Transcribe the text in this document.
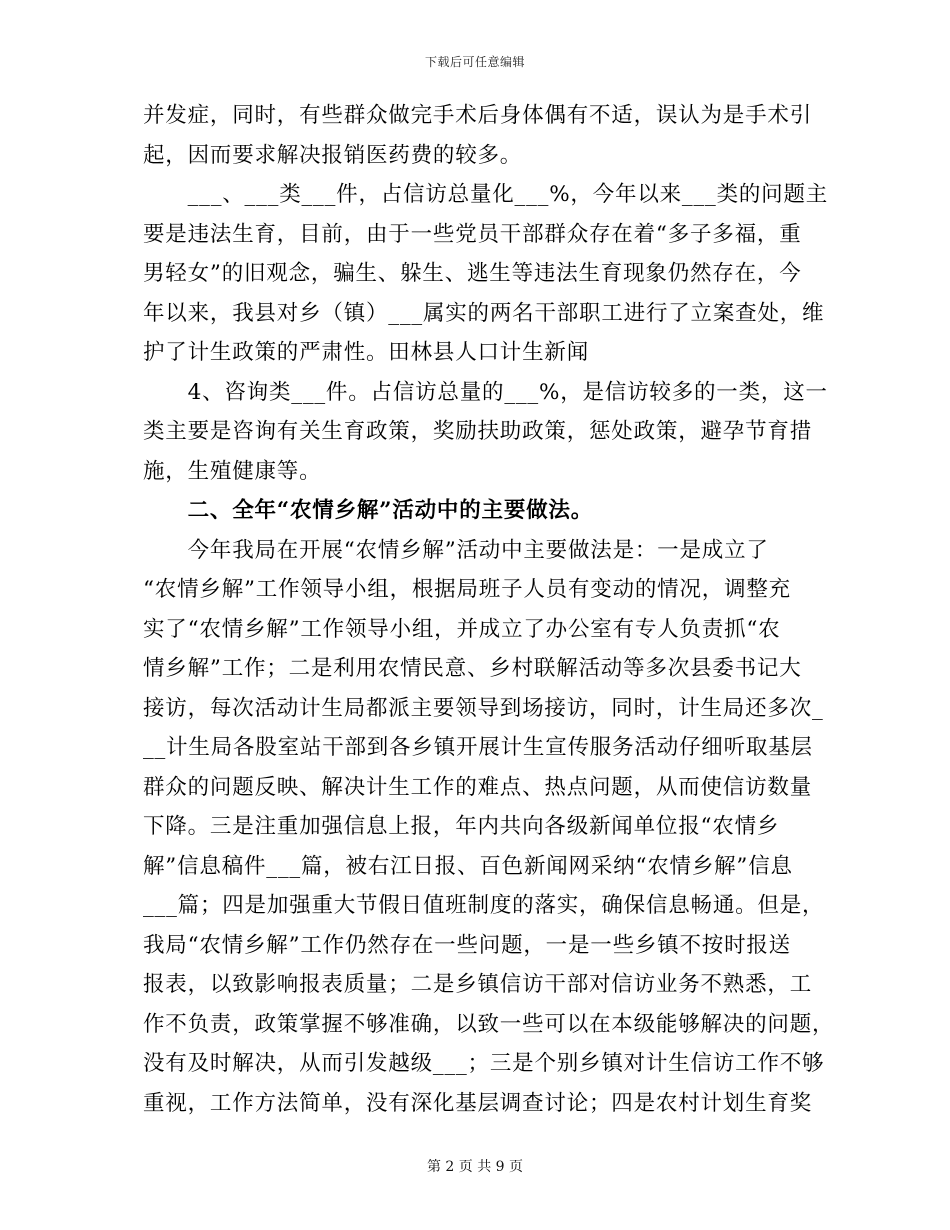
下载后可任意编辑
并发症，同时，有些群众做完手术后身体偶有不适，误认为是手术引
起，因而要求解决报销医药费的较多。
　　___、___类___件，占信访总量化___%，今年以来___类的问题主
要是违法生育，目前，由于一些党员干部群众存在着“多子多福，重
男轻女”的旧观念，骗生、躲生、逃生等违法生育现象仍然存在，今
年以来，我县对乡（镇）___属实的两名干部职工进行了立案查处，维
护了计生政策的严肃性。田林县人口计生新闻
　　4、咨询类___件。占信访总量的___%，是信访较多的一类，这一
类主要是咨询有关生育政策，奖励扶助政策，惩处政策，避孕节育措
施，生殖健康等。
　　二、全年“农情乡解”活动中的主要做法。
　　今年我局在开展“农情乡解”活动中主要做法是：一是成立了
“农情乡解”工作领导小组，根据局班子人员有变动的情况，调整充
实了“农情乡解”工作领导小组，并成立了办公室有专人负责抓“农
情乡解”工作；二是利用农情民意、乡村联解活动等多次县委书记大
接访，每次活动计生局都派主要领导到场接访，同时，计生局还多次_
__计生局各股室站干部到各乡镇开展计生宣传服务活动仔细听取基层
群众的问题反映、解决计生工作的难点、热点问题，从而使信访数量
下降。三是注重加强信息上报，年内共向各级新闻单位报“农情乡
解”信息稿件___篇，被右江日报、百色新闻网采纳“农情乡解”信息
___篇；四是加强重大节假日值班制度的落实，确保信息畅通。但是，
我局“农情乡解”工作仍然存在一些问题，一是一些乡镇不按时报送
报表，以致影响报表质量；二是乡镇信访干部对信访业务不熟悉，工
作不负责，政策掌握不够准确，以致一些可以在本级能够解决的问题，
没有及时解决，从而引发越级___；三是个别乡镇对计生信访工作不够
重视，工作方法简单，没有深化基层调查讨论；四是农村计划生育奖
第 2 页 共 9 页
